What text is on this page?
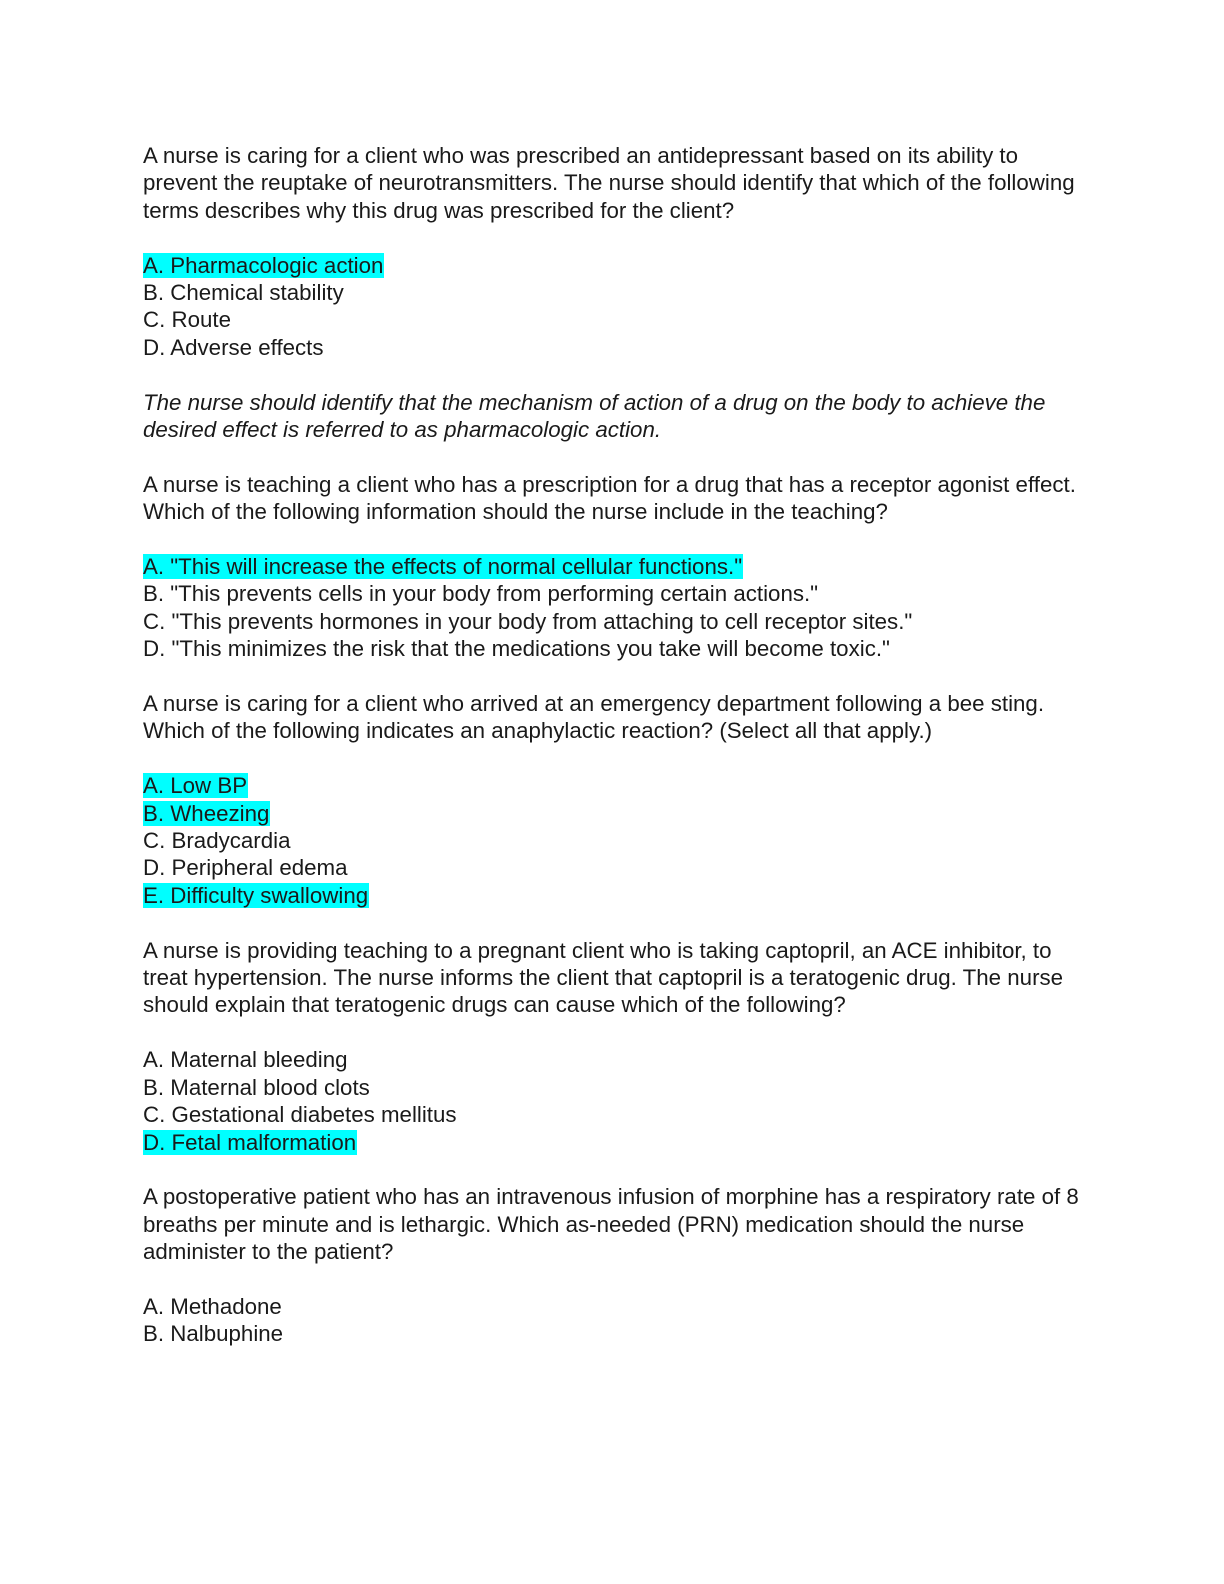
A nurse is caring for a client who was prescribed an antidepressant based on its ability to prevent the reuptake of neurotransmitters. The nurse should identify that which of the following terms describes why this drug was prescribed for the client?

A. Pharmacologic action
B. Chemical stability
C. Route
D. Adverse effects

The nurse should identify that the mechanism of action of a drug on the body to achieve the desired effect is referred to as pharmacologic action.

A nurse is teaching a client who has a prescription for a drug that has a receptor agonist effect. Which of the following information should the nurse include in the teaching?

A. "This will increase the effects of normal cellular functions."
B. "This prevents cells in your body from performing certain actions."
C. "This prevents hormones in your body from attaching to cell receptor sites."
D. "This minimizes the risk that the medications you take will become toxic."

A nurse is caring for a client who arrived at an emergency department following a bee sting. Which of the following indicates an anaphylactic reaction? (Select all that apply.)

A. Low BP
B. Wheezing
C. Bradycardia
D. Peripheral edema
E. Difficulty swallowing

A nurse is providing teaching to a pregnant client who is taking captopril, an ACE inhibitor, to treat hypertension. The nurse informs the client that captopril is a teratogenic drug. The nurse should explain that teratogenic drugs can cause which of the following?

A. Maternal bleeding
B. Maternal blood clots
C. Gestational diabetes mellitus
D. Fetal malformation

A postoperative patient who has an intravenous infusion of morphine has a respiratory rate of 8 breaths per minute and is lethargic. Which as-needed (PRN) medication should the nurse administer to the patient?

A. Methadone
B. Nalbuphine
